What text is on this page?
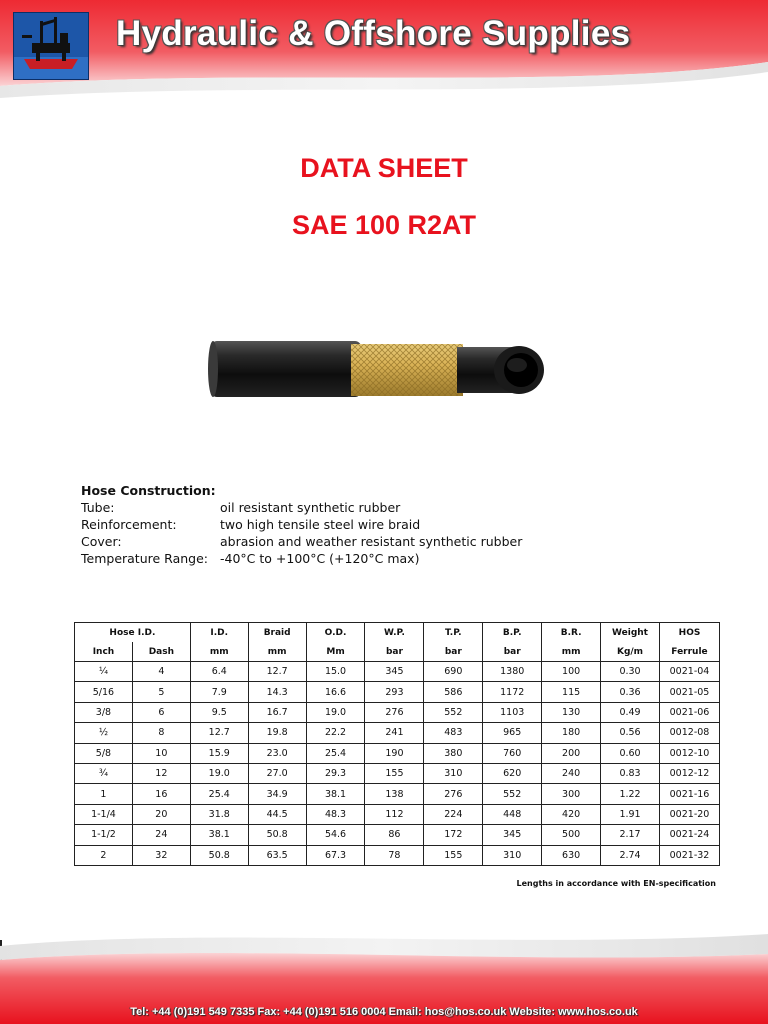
Hydraulic & Offshore Supplies
DATA SHEET
SAE 100 R2AT
Hose Construction:
Tube:	oil resistant synthetic rubber
Reinforcement:	two high tensile steel wire braid
Cover:	abrasion and weather resistant synthetic rubber
Temperature Range: -40°C to +100°C (+120°C max)
Hose I.D.		I.D.	Braid	O.D.	W.P.	T.P.	B.P.	B.R.	Weight	HOS
Inch	Dash	mm	mm	Mm	bar	bar	bar	mm	Kg/m	Ferrule
¼	4	6.4	12.7	15.0	345	690	1380	100	0.30	0021-04
5/16	5	7.9	14.3	16.6	293	586	1172	115	0.36	0021-05
3/8	6	9.5	16.7	19.0	276	552	1103	130	0.49	0021-06
½	8	12.7	19.8	22.2	241	483	965	180	0.56	0012-08
5/8	10	15.9	23.0	25.4	190	380	760	200	0.60	0012-10
¾	12	19.0	27.0	29.3	155	310	620	240	0.83	0012-12
1	16	25.4	34.9	38.1	138	276	552	300	1.22	0021-16
1-1/4	20	31.8	44.5	48.3	112	224	448	420	1.91	0021-20
1-1/2	24	38.1	50.8	54.6	86	172	345	500	2.17	0021-24
2	32	50.8	63.5	67.3	78	155	310	630	2.74	0021-32
Lengths in accordance with EN-specification
Tel: +44 (0)191 549 7335 Fax: +44 (0)191 516 0004 Email: hos@hos.co.uk Website: www.hos.co.uk
